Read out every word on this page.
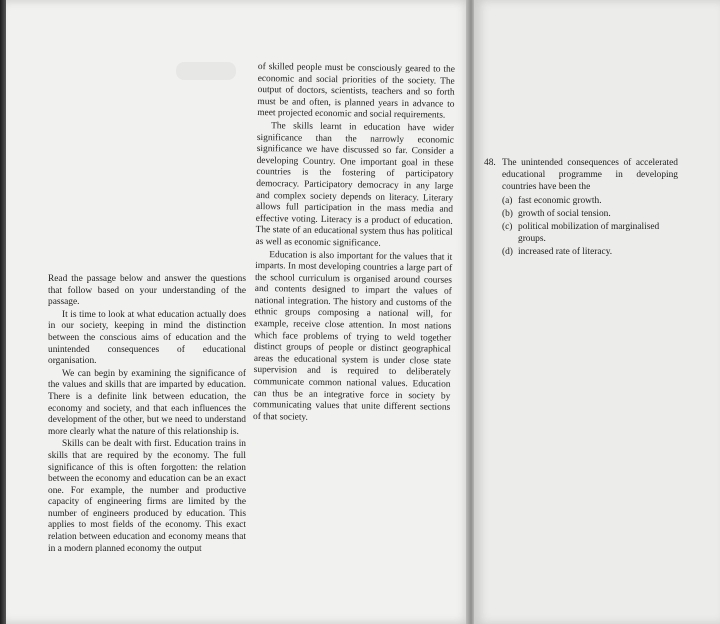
Read the passage below and answer the questions that follow based on your understanding of the passage.

It is time to look at what education actually does in our society, keeping in mind the distinction between the conscious aims of education and the unintended consequences of educational organisation.

We can begin by examining the significance of the values and skills that are imparted by education. There is a definite link between education, the economy and society, and that each influences the development of the other, but we need to understand more clearly what the nature of this relationship is.

Skills can be dealt with first. Education trains in skills that are required by the economy. The full significance of this is often forgotten: the relation between the economy and education can be an exact one. For example, the number and productive capacity of engineering firms are limited by the number of engineers produced by education. This applies to most fields of the economy. This exact relation between education and economy means that in a modern planned economy the output

of skilled people must be consciously geared to the economic and social priorities of the society. The output of doctors, scientists, teachers and so forth must be and often, is planned years in advance to meet projected economic and social requirements.

The skills learnt in education have wider significance than the narrowly economic significance we have discussed so far. Consider a developing Country. One important goal in these countries is the fostering of participatory democracy. Participatory democracy in any large and complex society depends on literacy. Literary allows full participation in the mass media and effective voting. Literacy is a product of education. The state of an educational system thus has political as well as economic significance.

Education is also important for the values that it imparts. In most developing countries a large part of the school curriculum is organised around courses and contents designed to impart the values of national integration. The history and customs of the ethnic groups composing a national will, for example, receive close attention. In most nations which face problems of trying to weld together distinct groups of people or distinct geographical areas the educational system is under close state supervision and is required to deliberately communicate common national values. Education can thus be an integrative force in society by communicating values that unite different sections of that society.

48. The unintended consequences of accelerated educational programme in developing countries have been the
(a) fast economic growth.
(b) growth of social tension.
(c) political mobilization of marginalised groups.
(d) increased rate of literacy.
